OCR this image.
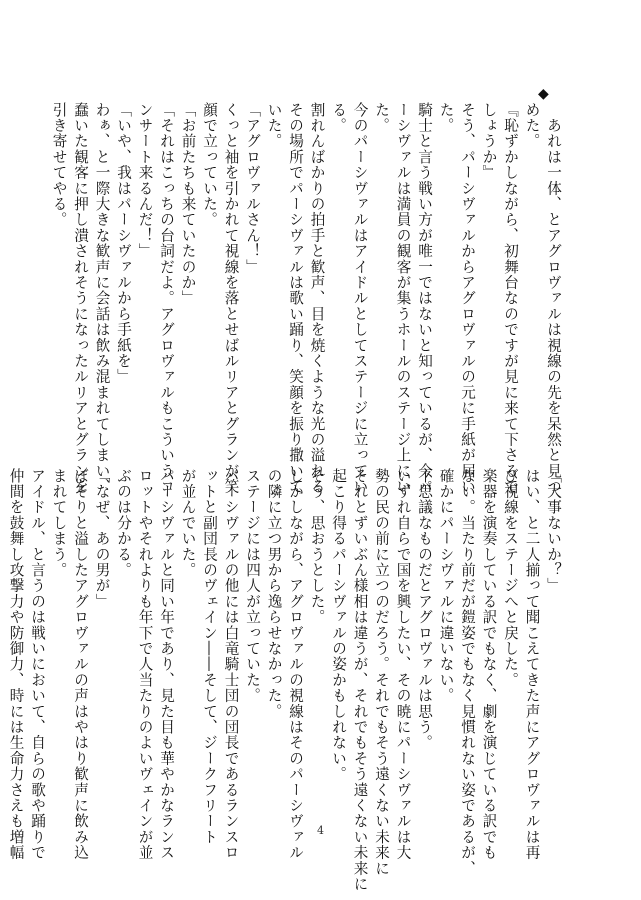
◆
　あれは一体、とアグロヴァルは視線の先を呆然と見つ
めた。
『恥ずかしながら、初舞台なのですが見に来て下さるで
しょうか』
そう、パーシヴァルからアグロヴァルの元に手紙が届い
た。
騎士と言う戦い方が唯一ではないと知っているが、今パ
ーシヴァルは満員の観客が集うホールのステージ上にい
た。
今のパーシヴァルはアイドルとしてステージに立ってい
る。
割れんばかりの拍手と歓声、目を焼くような光の溢れる
その場所でパーシヴァルは歌い踊り、笑顔を振り撒いて
いた。
「アグロヴァルさん！」
くっと袖を引かれて視線を落とせばルリアとグランが笑
顔で立っていた。
「お前たちも来ていたのか」
「それはこっちの台詞だよ。アグロヴァルもこういうコ
ンサート来るんだ！」
「いや、我はパーシヴァルから手紙を」
わぁ、と一際大きな歓声に会話は飲み混まれてしまい、
蠢いた観客に押し潰されそうになったルリアとグランを
引き寄せてやる。
「大事ないか？」
はい、と二人揃って聞こえてきた声にアグロヴァルは再
び視線をステージへと戻した。
楽器を演奏している訳でもなく、劇を演じている訳でも
ない。当たり前だが鎧姿でもなく見慣れない姿であるが、
確かにパーシヴァルに違いない。
不思議なものだとアグロヴァルは思う。
いずれ自らで国を興したい、その暁にパーシヴァルは大
勢の民の前に立つのだろう。それでもそう遠くない未来に
それとずいぶん様相は違うが、それでもそう遠くない未来に
起こり得るパーシヴァルの姿かもしれない。
そう、思おうとした。
しかしながら、アグロヴァルの視線はそのパーシヴァル
の隣に立つ男から逸らせなかった。
ステージには四人が立っていた。
パーシヴァルの他には白竜騎士団の団長であるランスロ
ットと副団長のヴェイン――そして、ジークフリート
が並んでいた。
パーシヴァルと同い年であり、見た目も華やかなランス
ロットやそれよりも年下で人当たりのよいヴェインが並
ぶのは分かる。
「なぜ、あの男が」
ぼそりと溢したアグロヴァルの声はやはり歓声に飲み込
まれてしまう。
アイドル、と言うのは戦いにおいて、自らの歌や踊りで
仲間を鼓舞し攻撃力や防御力、時には生命力さえも増幅	4
